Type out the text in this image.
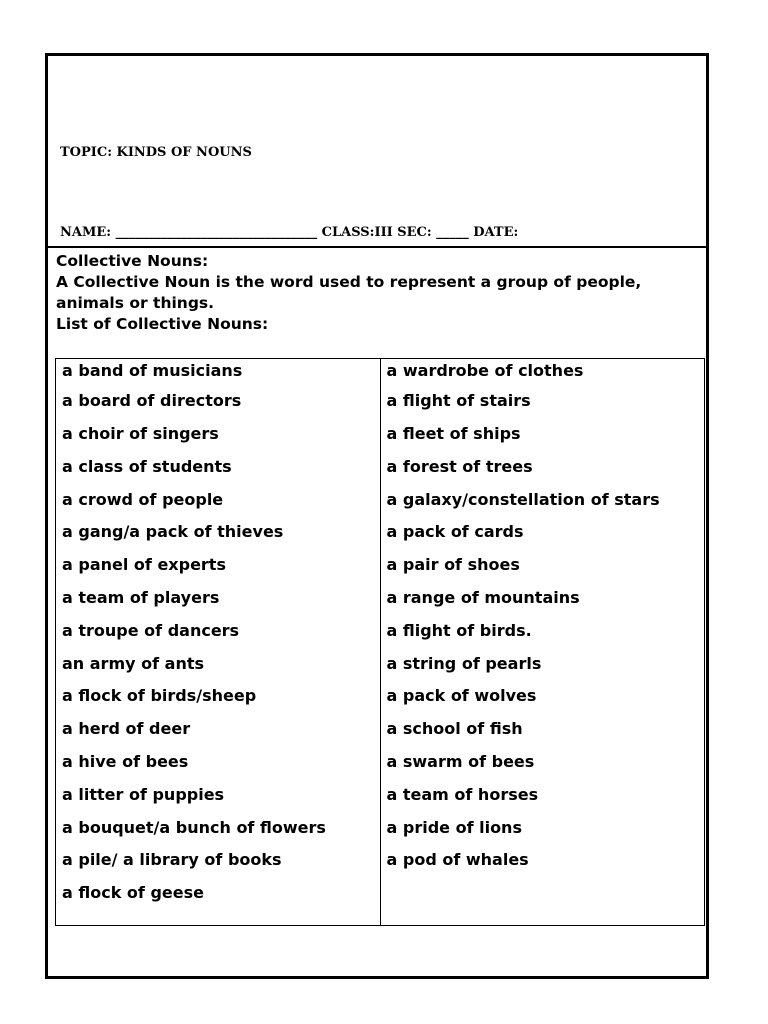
TOPIC: KINDS OF NOUNS
NAME: _______________________________ CLASS:III SEC: _____ DATE:
Collective Nouns:
A Collective Noun is the word used to represent a group of people,
animals or things.
List of Collective Nouns:
a band of musicians	a wardrobe of clothes
a board of directors	a flight of stairs
a choir of singers	a fleet of ships
a class of students	a forest of trees
a crowd of people	a galaxy/constellation of stars
a gang/a pack of thieves	a pack of cards
a panel of experts	a pair of shoes
a team of players	a range of mountains
a troupe of dancers	a flight of birds.
an army of ants	a string of pearls
a flock of birds/sheep	a pack of wolves
a herd of deer	a school of fish
a hive of bees	a swarm of bees
a litter of puppies	a team of horses
a bouquet/a bunch of flowers	a pride of lions
a pile/ a library of books	a pod of whales
a flock of geese	
